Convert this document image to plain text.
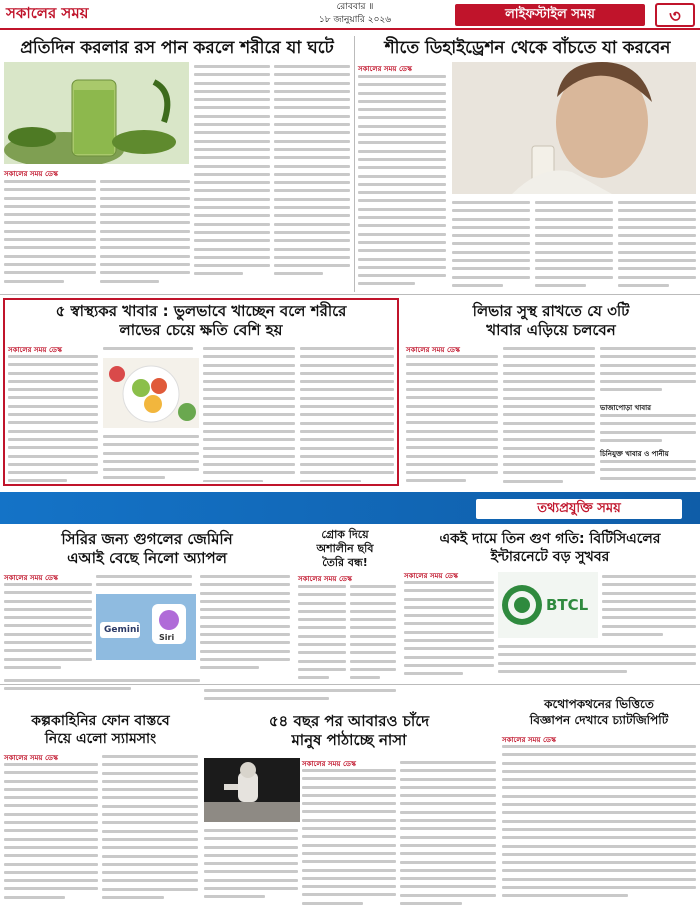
সকালের সময়	রোববার ॥
১৮ জানুয়ারি ২০২৬	লাইফস্টাইল সময়	৩
প্রতিদিন করলার রস পান করলে শরীরে যা ঘটে
সকালের সময় ডেস্ক
শীতে ডিহাইড্রেশন থেকে বাঁচতে যা করবেন
সকালের সময় ডেস্ক
৫ স্বাস্থ্যকর খাবার : ভুলভাবে খাচ্ছেন বলে শরীরে
লাভের চেয়ে ক্ষতি বেশি হয়
সকালের সময় ডেস্ক
লিভার সুস্থ রাখতে যে ৩টি
খাবার এড়িয়ে চলবেন
সকালের সময় ডেস্ক
ভাজাপোড়া খাবার
চিনিযুক্ত খাবার ও পানীয়
তথ্যপ্রযুক্তি সময়
সিরির জন্য গুগলের জেমিনি
এআই বেছে নিলো অ্যাপল
সকালের সময় ডেস্ক
Gemini
Siri
গ্রোক দিয়ে
অশালীন ছবি
তৈরি বন্ধ!
সকালের সময় ডেস্ক
একই দামে তিন গুণ গতি: বিটিসিএলের
ইন্টারনেটে বড় সুখবর
সকালের সময় ডেস্ক
BTCL
কল্পকাহিনির ফোন বাস্তবে
নিয়ে এলো স্যামসাং
সকালের সময় ডেস্ক
৫৪ বছর পর আবারও চাঁদে
মানুষ পাঠাচ্ছে নাসা
সকালের সময় ডেস্ক
কথোপকথনের ভিত্তিতে
বিজ্ঞাপন দেখাবে চ্যাটজিপিটি
সকালের সময় ডেস্ক
